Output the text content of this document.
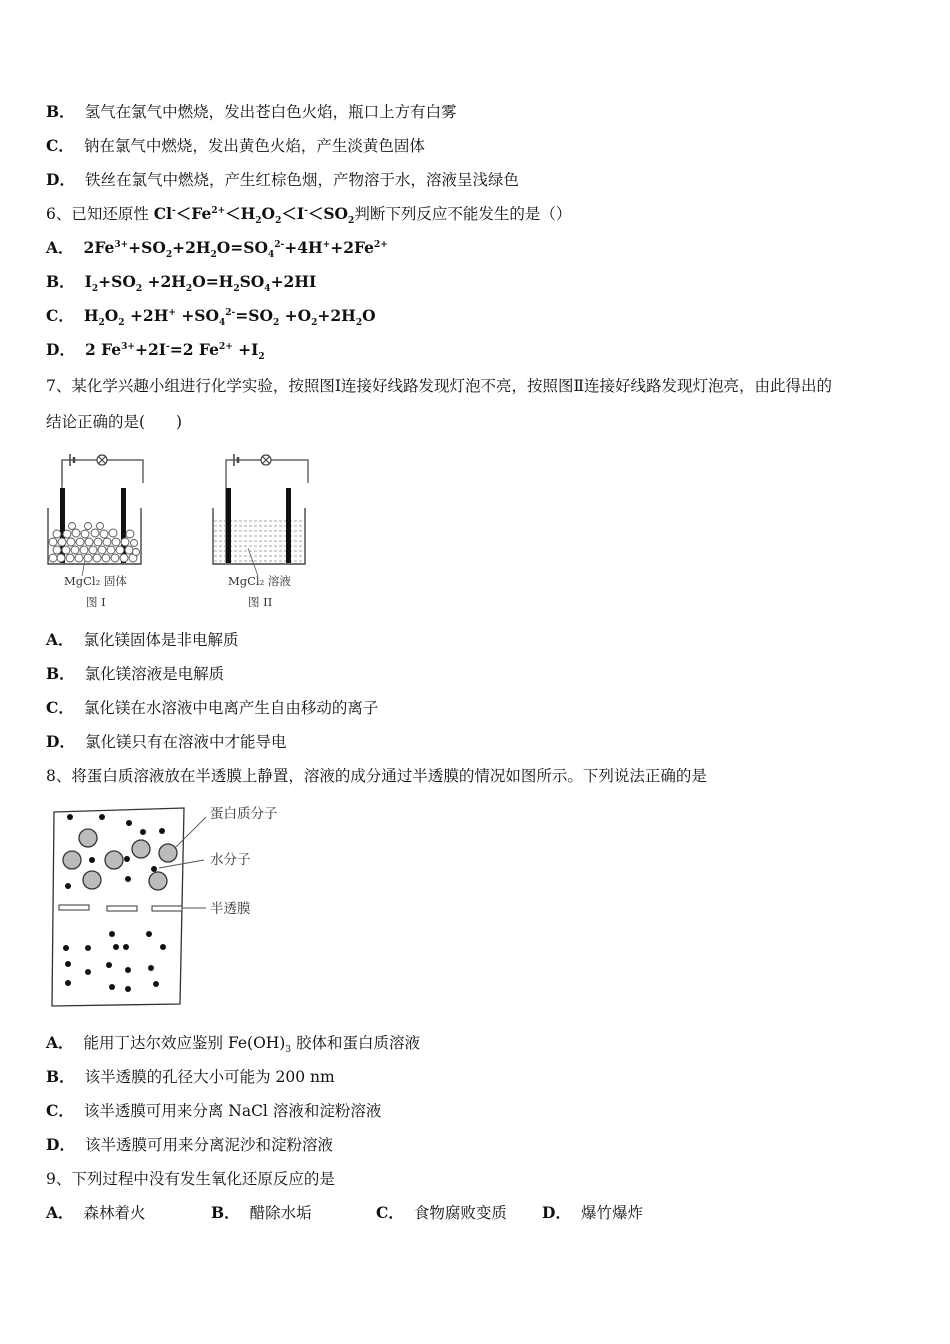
B． 氢气在氯气中燃烧，发出苍白色火焰，瓶口上方有白雾
C． 钠在氯气中燃烧，发出黄色火焰，产生淡黄色固体
D． 铁丝在氯气中燃烧，产生红棕色烟，产物溶于水，溶液呈浅绿色
6、已知还原性 $Cl^-<Fe^{2+}<H_2O_2<I^-<SO_2$判断下列反应不能发生的是（）
A． $2Fe^{3+}+SO_2+2H_2O=SO_4^{2-}+4H^++2Fe^{2+}$
B． $I_2+SO_2 +2H_2O=H_2SO_4+2HI$
C． $H_2O_2 +2H^+ +SO_4^{2-}=SO_2 +O_2+2H_2O$
D． 2 $Fe^{3+}+2I^-=2$ $Fe^{2+} +I_2$
7、某化学兴趣小组进行化学实验，按照图Ⅰ连接好线路发现灯泡不亮，按照图Ⅱ连接好线路发现灯泡亮，由此得出的
结论正确的是(　　)
MgCl₂ 固体
图 I
MgCl₂ 溶液
图 II
A． 氯化镁固体是非电解质
B． 氯化镁溶液是电解质
C． 氯化镁在水溶液中电离产生自由移动的离子
D． 氯化镁只有在溶液中才能导电
8、将蛋白质溶液放在半透膜上静置，溶液的成分通过半透膜的情况如图所示。下列说法正确的是
蛋白质分子
水分子
半透膜
A． 能用丁达尔效应鉴别 $Fe(OH)_3$ 胶体和蛋白质溶液
B． 该半透膜的孔径大小可能为 200 nm
C． 该半透膜可用来分离 NaCl 溶液和淀粉溶液
D． 该半透膜可用来分离泥沙和淀粉溶液
9、下列过程中没有发生氧化还原反应的是
A． 森林着火	B． 醋除水垢	C． 食物腐败变质 D． 爆竹爆炸
